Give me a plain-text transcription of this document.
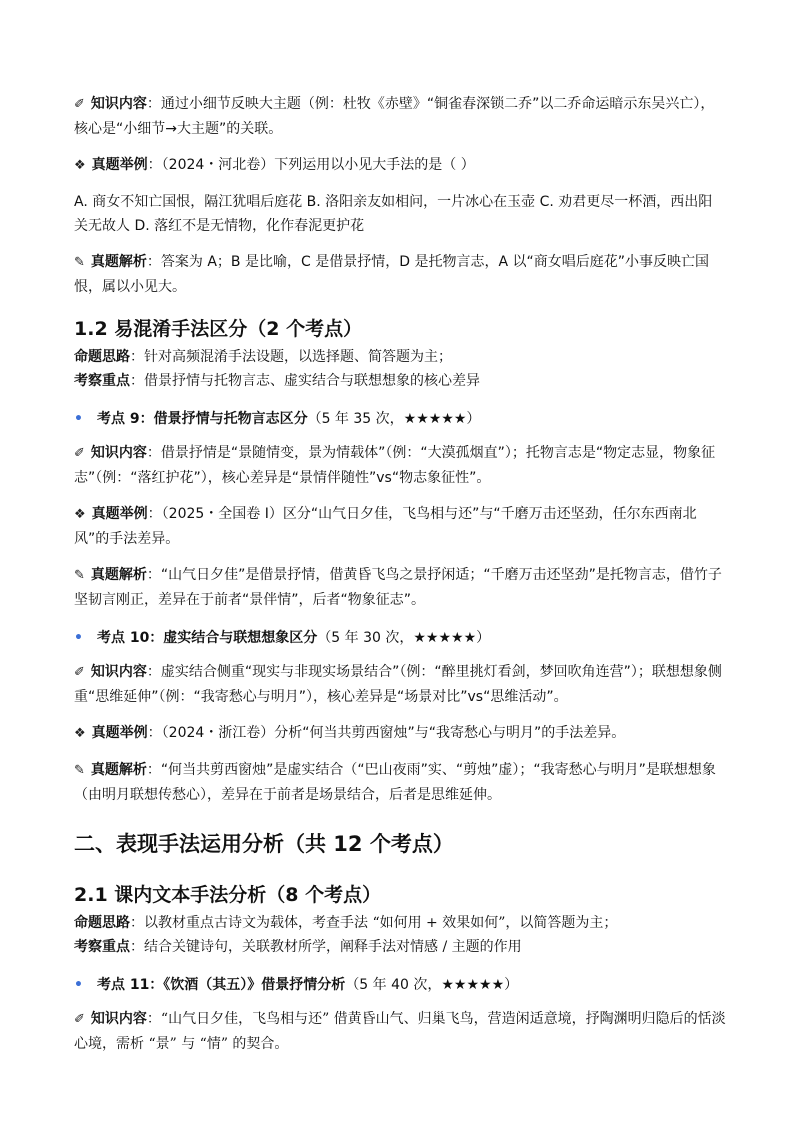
✐ 知识内容：通过小细节反映大主题（例：杜牧《赤壁》“铜雀春深锁二乔”以二乔命运暗示东吴兴亡），核心是“小细节→大主题”的关联。

❖ 真题举例：（2024・河北卷）下列运用以小见大手法的是（ ）

A. 商女不知亡国恨，隔江犹唱后庭花 B. 洛阳亲友如相问，一片冰心在玉壶 C. 劝君更尽一杯酒，西出阳关无故人 D. 落红不是无情物，化作春泥更护花

✎ 真题解析：答案为 A；B 是比喻，C 是借景抒情，D 是托物言志，A 以“商女唱后庭花”小事反映亡国恨，属以小见大。

1.2 易混淆手法区分（2 个考点）

命题思路：针对高频混淆手法设题，以选择题、简答题为主；

考察重点：借景抒情与托物言志、虚实结合与联想想象的核心差异

• 考点 9：借景抒情与托物言志区分（5 年 35 次，★★★★★）

✐ 知识内容：借景抒情是“景随情变，景为情载体”（例：“大漠孤烟直”）；托物言志是“物定志显，物象征志”（例：“落红护花”），核心差异是“景情伴随性”vs“物志象征性”。

❖ 真题举例：（2025・全国卷 Ⅰ）区分“山气日夕佳，飞鸟相与还”与“千磨万击还坚劲，任尔东西南北风”的手法差异。

✎ 真题解析：“山气日夕佳”是借景抒情，借黄昏飞鸟之景抒闲适；“千磨万击还坚劲”是托物言志，借竹子坚韧言刚正，差异在于前者“景伴情”，后者“物象征志”。

• 考点 10：虚实结合与联想想象区分（5 年 30 次，★★★★★）

✐ 知识内容：虚实结合侧重“现实与非现实场景结合”（例：“醉里挑灯看剑，梦回吹角连营”）；联想想象侧重“思维延伸”（例：“我寄愁心与明月”），核心差异是“场景对比”vs“思维活动”。

❖ 真题举例：（2024・浙江卷）分析“何当共剪西窗烛”与“我寄愁心与明月”的手法差异。

✎ 真题解析：“何当共剪西窗烛”是虚实结合（“巴山夜雨”实、“剪烛”虚）；“我寄愁心与明月”是联想想象（由明月联想传愁心），差异在于前者是场景结合，后者是思维延伸。

二、表现手法运用分析（共 12 个考点）
2.1 课内文本手法分析（8 个考点）

命题思路：以教材重点古诗文为载体，考查手法 “如何用 + 效果如何”，以简答题为主；

考察重点：结合关键诗句，关联教材所学，阐释手法对情感 / 主题的作用

• 考点 11：《饮酒（其五）》借景抒情分析（5 年 40 次，★★★★★）

✐ 知识内容：“山气日夕佳，飞鸟相与还” 借黄昏山气、归巢飞鸟，营造闲适意境，抒陶渊明归隐后的恬淡心境，需析 “景” 与 “情” 的契合。
